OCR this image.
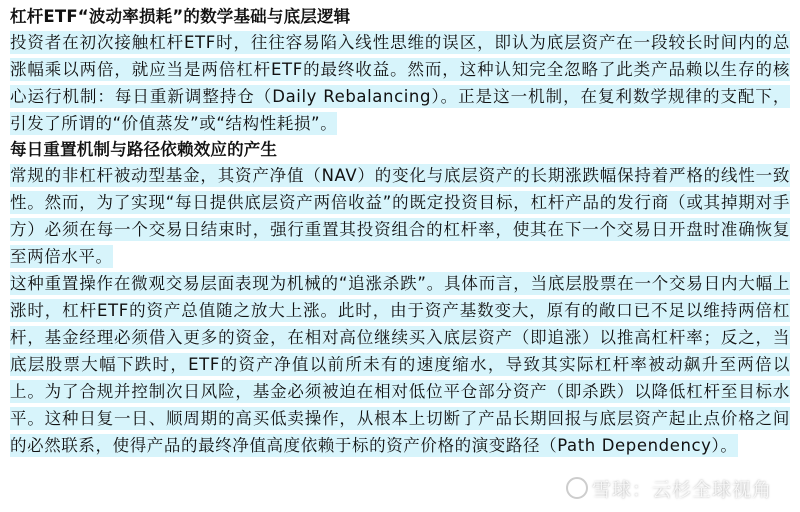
杠杆ETF“波动率损耗”的数学基础与底层逻辑

投资者在初次接触杠杆ETF时，往往容易陷入线性思维的误区，即认为底层资产在一段较长时间内的总涨幅乘以两倍，就应当是两倍杠杆ETF的最终收益。然而，这种认知完全忽略了此类产品赖以生存的核心运行机制：每日重新调整持仓（Daily Rebalancing）。正是这一机制，在复利数学规律的支配下，引发了所谓的“价值蒸发”或“结构性耗损”。

每日重置机制与路径依赖效应的产生

常规的非杠杆被动型基金，其资产净值（NAV）的变化与底层资产的长期涨跌幅保持着严格的线性一致性。然而，为了实现“每日提供底层资产两倍收益”的既定投资目标，杠杆产品的发行商（或其掉期对手方）必须在每一个交易日结束时，强行重置其投资组合的杠杆率，使其在下一个交易日开盘时准确恢复至两倍水平。

这种重置操作在微观交易层面表现为机械的“追涨杀跌”。具体而言，当底层股票在一个交易日内大幅上涨时，杠杆ETF的资产总值随之放大上涨。此时，由于资产基数变大，原有的敞口已不足以维持两倍杠杆，基金经理必须借入更多的资金，在相对高位继续买入底层资产（即追涨）以推高杠杆率；反之，当底层股票大幅下跌时，ETF的资产净值以前所未有的速度缩水，导致其实际杠杆率被动飙升至两倍以上。为了合规并控制次日风险，基金必须被迫在相对低位平仓部分资产（即杀跌）以降低杠杆至目标水平。这种日复一日、顺周期的高买低卖操作，从根本上切断了产品长期回报与底层资产起止点价格之间的必然联系，使得产品的最终净值高度依赖于标的资产价格的演变路径（Path Dependency）。

雪球：云杉全球视角
